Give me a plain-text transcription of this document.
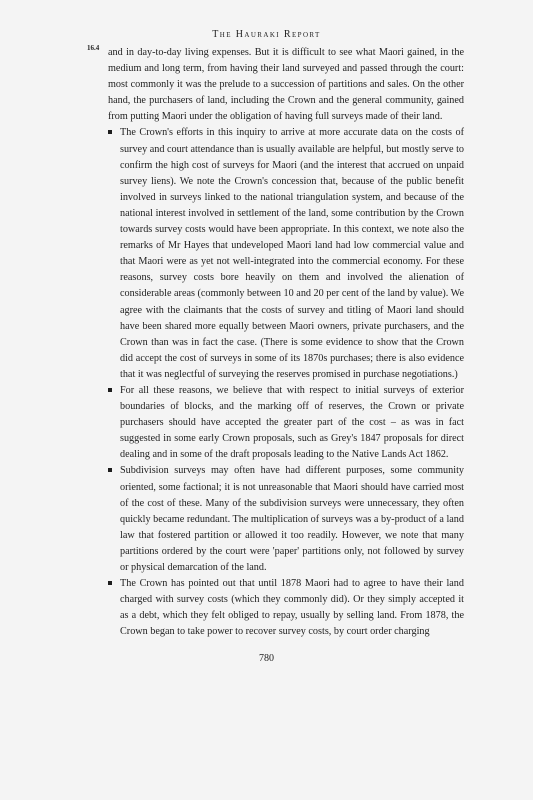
The Hauraki Report
16.4 and in day-to-day living expenses. But it is difficult to see what Maori gained, in the medium and long term, from having their land surveyed and passed through the court: most commonly it was the prelude to a succession of partitions and sales. On the other hand, the purchasers of land, including the Crown and the general community, gained from putting Maori under the obligation of having full surveys made of their land.

The Crown's efforts in this inquiry to arrive at more accurate data on the costs of survey and court attendance than is usually available are helpful, but mostly serve to confirm the high cost of surveys for Maori (and the interest that accrued on unpaid survey liens). We note the Crown's concession that, because of the public benefit involved in surveys linked to the national triangulation system, and because of the national interest involved in settlement of the land, some contribution by the Crown towards survey costs would have been appropriate. In this context, we note also the remarks of Mr Hayes that undeveloped Maori land had low commercial value and that Maori were as yet not well-integrated into the commercial economy. For these reasons, survey costs bore heavily on them and involved the alienation of considerable areas (commonly between 10 and 20 per cent of the land by value). We agree with the claimants that the costs of survey and titling of Maori land should have been shared more equally between Maori owners, private purchasers, and the Crown than was in fact the case. (There is some evidence to show that the Crown did accept the cost of surveys in some of its 1870s purchases; there is also evidence that it was neglectful of surveying the reserves promised in purchase negotiations.)
For all these reasons, we believe that with respect to initial surveys of exterior boundaries of blocks, and the marking off of reserves, the Crown or private purchasers should have accepted the greater part of the cost – as was in fact suggested in some early Crown proposals, such as Grey's 1847 proposals for direct dealing and in some of the draft proposals leading to the Native Lands Act 1862.
Subdivision surveys may often have had different purposes, some community oriented, some factional; it is not unreasonable that Maori should have carried most of the cost of these. Many of the subdivision surveys were unnecessary, they often quickly became redundant. The multiplication of surveys was a by-product of a land law that fostered partition or allowed it too readily. However, we note that many partitions ordered by the court were 'paper' partitions only, not followed by survey or physical demarcation of the land.
The Crown has pointed out that until 1878 Maori had to agree to have their land charged with survey costs (which they commonly did). Or they simply accepted it as a debt, which they felt obliged to repay, usually by selling land. From 1878, the Crown began to take power to recover survey costs, by court order charging
780
